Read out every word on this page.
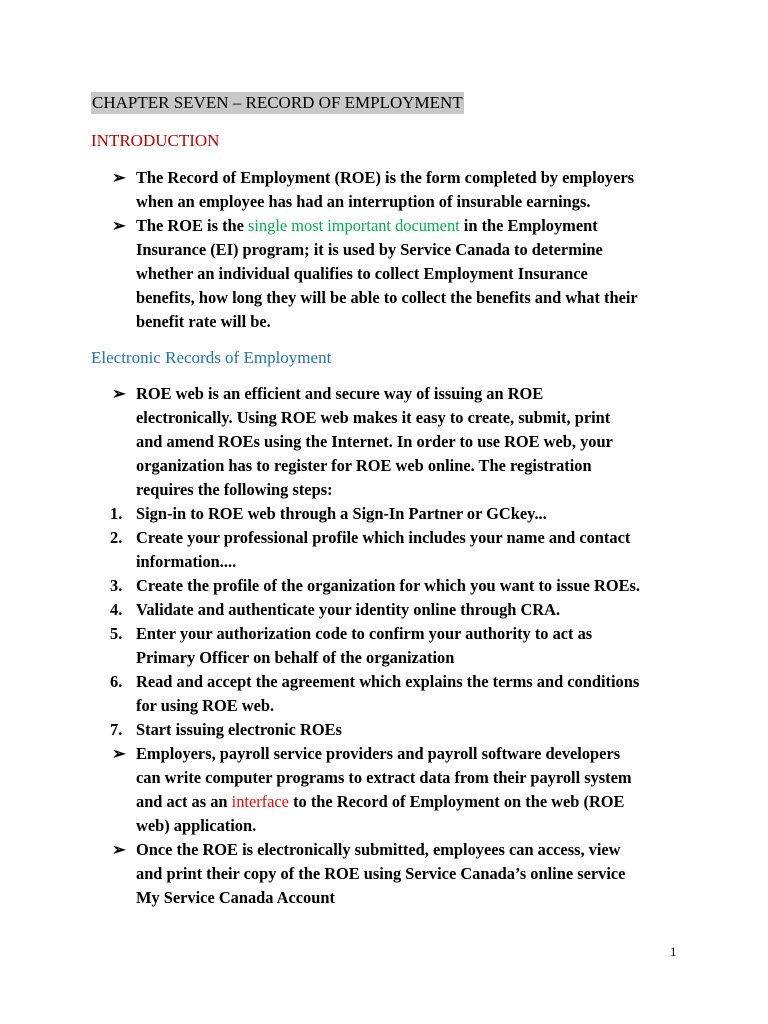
CHAPTER SEVEN – RECORD OF EMPLOYMENT
INTRODUCTION
➢ The Record of Employment (ROE) is the form completed by employers
when an employee has had an interruption of insurable earnings.
➢ The ROE is the single most important document in the Employment
Insurance (EI) program; it is used by Service Canada to determine
whether an individual qualifies to collect Employment Insurance
benefits, how long they will be able to collect the benefits and what their
benefit rate will be.
Electronic Records of Employment
➢ ROE web is an efficient and secure way of issuing an ROE
electronically. Using ROE web makes it easy to create, submit, print
and amend ROEs using the Internet. In order to use ROE web, your
organization has to register for ROE web online. The registration
requires the following steps:
1. Sign-in to ROE web through a Sign-In Partner or GCkey...
2. Create your professional profile which includes your name and contact
information....
3. Create the profile of the organization for which you want to issue ROEs.
4. Validate and authenticate your identity online through CRA.
5. Enter your authorization code to confirm your authority to act as
Primary Officer on behalf of the organization
6. Read and accept the agreement which explains the terms and conditions
for using ROE web.
7. Start issuing electronic ROEs
➢ Employers, payroll service providers and payroll software developers
can write computer programs to extract data from their payroll system
and act as an interface to the Record of Employment on the web (ROE
web) application.
➢ Once the ROE is electronically submitted, employees can access, view
and print their copy of the ROE using Service Canada’s online service
My Service Canada Account
1
